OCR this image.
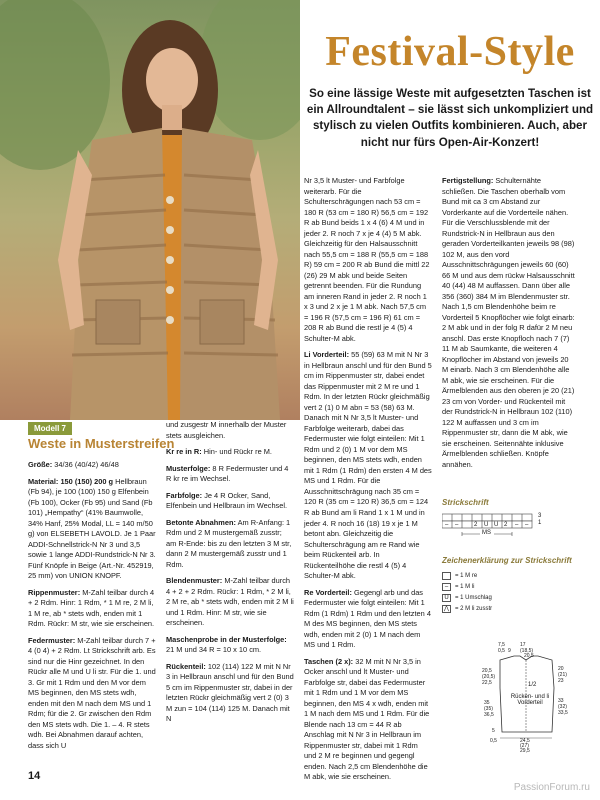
Festival-Style
So eine lässige Weste mit aufgesetzten Taschen ist ein Allroundtalent – sie lässt sich unkompliziert und stylisch zu vielen Outfits kombinieren. Auch, aber nicht nur fürs Open-Air-Konzert!
Modell 7
Weste in Musterstreifen

Größe: 34/36 (40/42) 46/48

Material: 150 (150) 200 g Hellbraun (Fb 94), je 100 (100) 150 g Elfenbein (Fb 100), Ocker (Fb 95) und Sand (Fb 101) „Hempathy“ (41% Baumwolle, 34% Hanf, 25% Modal, LL = 140 m/50 g) von ELSEBETH LAVOLD. Je 1 Paar ADDI-Schnellstrick-N Nr 3 und 3,5 sowie 1 lange ADDI-Rundstrick-N Nr 3. Fünf Knöpfe in Beige (Art.-Nr. 452919, 25 mm) von UNION KNOPF.

Rippenmuster: M-Zahl teilbar durch 4 + 2 Rdm. Hinr: 1 Rdm, * 1 M re, 2 M li, 1 M re, ab * stets wdh, enden mit 1 Rdm. Rückr: M str, wie sie erscheinen.

Federmuster: M-Zahl teilbar durch 7 + 4 (0 4) + 2 Rdm. Lt Strickschrift arb. Es sind nur die Hinr gezeichnet. In den Rückr alle M und U li str. Für die 1. und 3. Gr mit 1 Rdm und den M vor dem MS beginnen, den MS stets wdh, enden mit den M nach dem MS und 1 Rdm; für die 2. Gr zwischen den Rdm den MS stets wdh. Die 1. – 4. R stets wdh. Bei Abnahmen darauf achten, dass sich U

und zusgestr M innerhalb der Muster stets ausgleichen.

Kr re in R: Hin- und Rückr re M.

Musterfolge: 8 R Federmuster und 4 R kr re im Wechsel.

Farbfolge: Je 4 R Ocker, Sand, Elfenbein und Hellbraun im Wechsel.

Betonte Abnahmen: Am R-Anfang: 1 Rdm und 2 M mustergemäß zusstr; am R-Ende: bis zu den letzten 3 M str, dann 2 M mustergemäß zusstr und 1 Rdm.

Blendenmuster: M-Zahl teilbar durch 4 + 2 + 2 Rdm. Rückr: 1 Rdm, * 2 M li, 2 M re, ab * stets wdh, enden mit 2 M li und 1 Rdm. Hinr: M str, wie sie erscheinen.

Maschenprobe in der Musterfolge: 21 M und 34 R = 10 x 10 cm.

Rückenteil: 102 (114) 122 M mit N Nr 3 in Hellbraun anschl und für den Bund 5 cm im Rippenmuster str, dabei in der letzten Rückr gleichmäßig vert 2 (0) 3 M zun = 104 (114) 125 M. Danach mit N

Nr 3,5 lt Muster- und Farbfolge weiterarb. Für die Schulterschrägungen nach 53 cm = 180 R (53 cm = 180 R) 56,5 cm = 192 R ab Bund beids 1 x 4 (6) 4 M und in jeder 2. R noch 7 x je 4 (4) 5 M abk. Gleichzeitig für den Halsausschnitt nach 55,5 cm = 188 R (55,5 cm = 188 R) 59 cm = 200 R ab Bund die mittl 22 (26) 29 M abk und beide Seiten getrennt beenden. Für die Rundung am inneren Rand in jeder 2. R noch 1 x 3 und 2 x je 1 M abk. Nach 57,5 cm = 196 R (57,5 cm = 196 R) 61 cm = 208 R ab Bund die restl je 4 (5) 4 Schulter-M abk.

Li Vorderteil: 55 (59) 63 M mit N Nr 3 in Hellbraun anschl und für den Bund 5 cm im Rippenmuster str, dabei endet das Rippenmuster mit 2 M re und 1 Rdm. In der letzten Rückr gleichmäßig vert 2 (1) 0 M abn = 53 (58) 63 M. Danach mit N Nr 3,5 lt Muster- und Farbfolge weiterarb, dabei das Federmuster wie folgt einteilen: Mit 1 Rdm und 2 (0) 1 M vor dem MS beginnen, den MS stets wdh, enden mit 1 Rdm (1 Rdm) den ersten 4 M des MS und 1 Rdm. Für die Ausschnittschrägung nach 35 cm = 120 R (35 cm = 120 R) 36,5 cm = 124 R ab Bund am li Rand 1 x 1 M und in jeder 4. R noch 16 (18) 19 x je 1 M betont abn. Gleichzeitig die Schulterschrägung am re Rand wie beim Rückenteil arb. In Rückenteilhöhe die restl 4 (5) 4 Schulter-M abk.

Re Vorderteil: Gegengl arb und das Federmuster wie folgt einteilen: Mit 1 Rdm (1 Rdm) 1 Rdm und den letzten 4 M des MS beginnen, den MS stets wdh, enden mit 2 (0) 1 M nach dem MS und 1 Rdm.

Taschen (2 x): 32 M mit N Nr 3,5 in Ocker anschl und lt Muster- und Farbfolge str, dabei das Federmuster mit 1 Rdm und 1 M vor dem MS beginnen, den MS 4 x wdh, enden mit 1 M nach dem MS und 1 Rdm. Für die Blende nach 13 cm = 44 R ab Anschlag mit N Nr 3 in Hellbraun im Rippenmuster str, dabei mit 1 Rdm und 2 M re beginnen und gegengl enden. Nach 2,5 cm Blendenhöhe die M abk, wie sie erscheinen.

Fertigstellung: Schulternähte schließen. Die Taschen oberhalb vom Bund mit ca 3 cm Abstand zur Vorderkante auf die Vorderteile nähen. Für die Verschlussblende mit der Rundstrick-N in Hellbraun aus den geraden Vorderteilkanten jeweils 98 (98) 102 M, aus den vord Ausschnittschrägungen jeweils 60 (60) 66 M und aus dem rückw Halsausschnitt 40 (44) 48 M auffassen. Dann über alle 356 (360) 384 M im Blendenmuster str. Nach 1,5 cm Blendenhöhe beim re Vorderteil 5 Knopflöcher wie folgt einarb: 2 M abk und in der folg R dafür 2 M neu anschl. Das erste Knopfloch nach 7 (7) 11 M ab Saumkante, die weiteren 4 Knopflöcher im Abstand von jeweils 20 M einarb. Nach 3 cm Blendenhöhe alle M abk, wie sie erscheinen. Für die Ärmelblenden aus den oberen je 20 (21) 23 cm von Vorder- und Rückenteil mit der Rundstrick-N in Hellbraun 102 (110) 122 M auffassen und 3 cm im Rippenmuster str, dann die M abk, wie sie erscheinen. Seitennähte inklusive Ärmelblenden schließen. Knöpfe annähen.

Strickschrift
– –	2 U U 2 – –
MS
3
1
Zeichenerklärung zur Strickschrift
= 1 M re
–	= 1 M li
U	= 1 Umschlag
⋀	= 2 M li zusstr
1/2
Rücken- und li Vorderteil
7,5	17
(18,5)
20,5
0,5 9
20,5
(20,5)
22,5
35
(35)
36,5
20
(21)
23
33
(32)
33,5
24,5
(27)
29,5
5
0,5
14
PassionForum.ru
